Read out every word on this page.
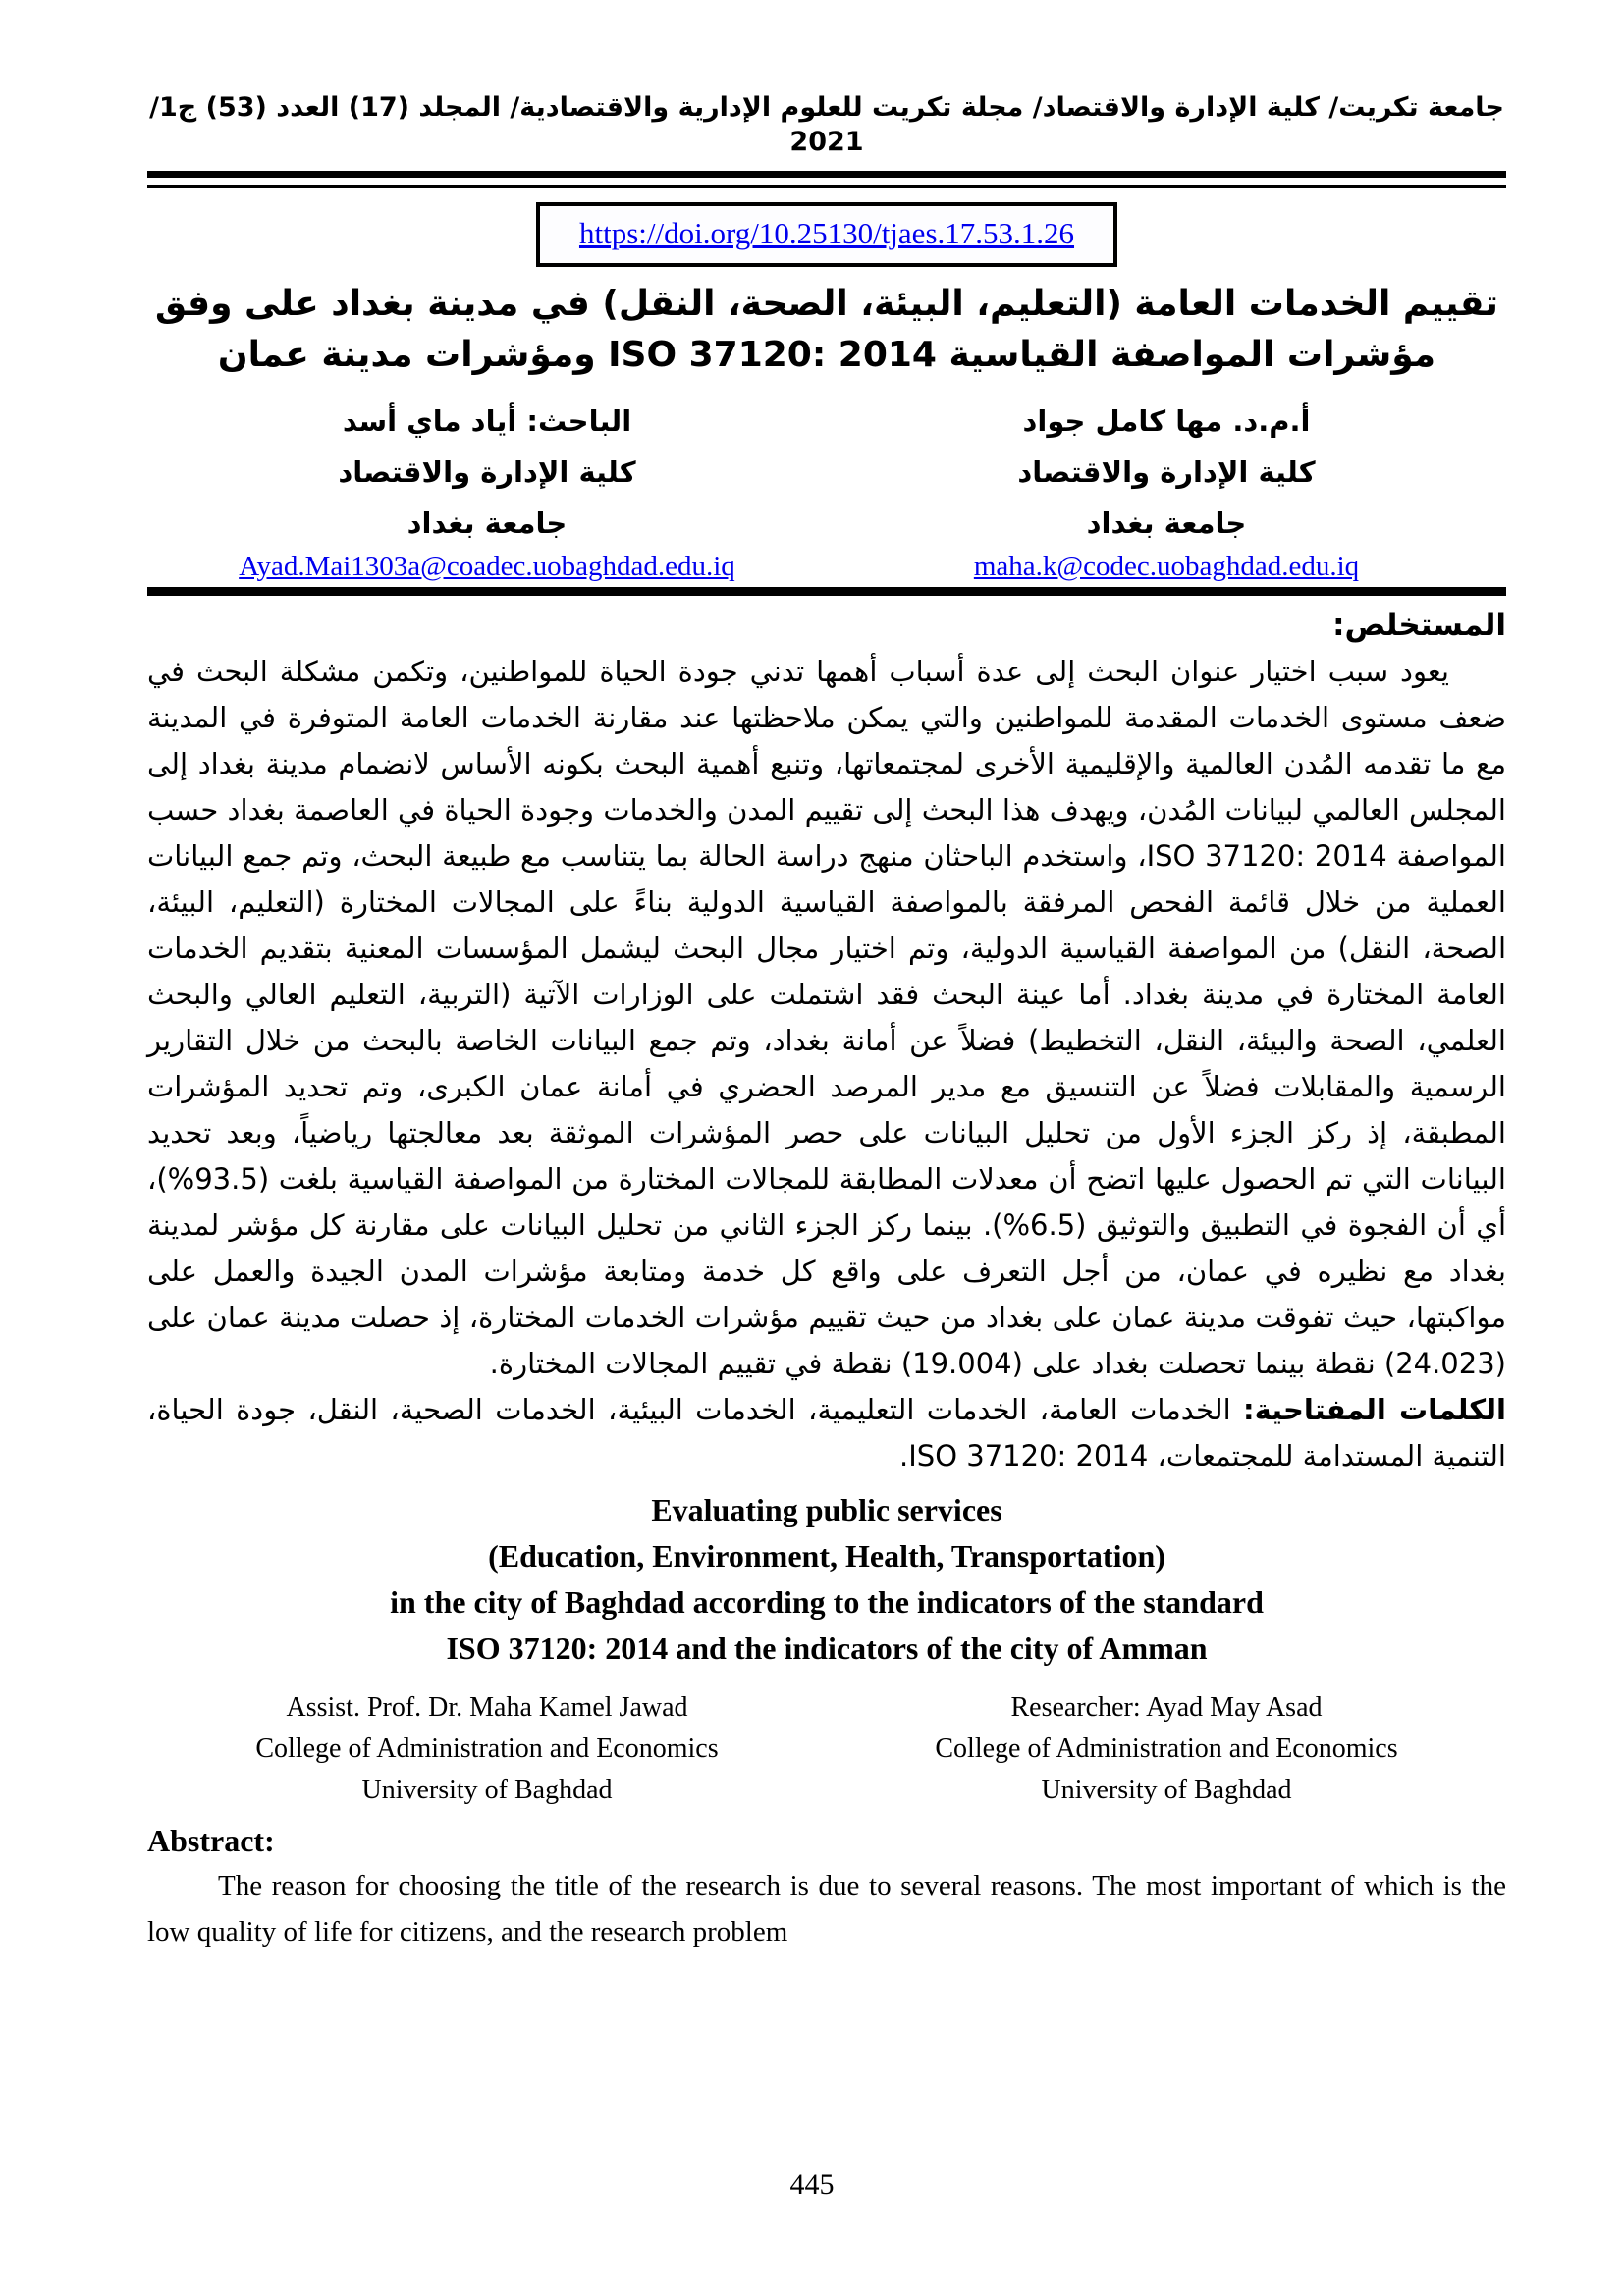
جامعة تكريت/ كلية الإدارة والاقتصاد/ مجلة تكريت للعلوم الإدارية والاقتصادية/ المجلد (17) العدد (53) ج1/ 2021
https://doi.org/10.25130/tjaes.17.53.1.26
تقييم الخدمات العامة (التعليم، البيئة، الصحة، النقل) في مدينة بغداد على وفق مؤشرات المواصفة القياسية ISO 37120: 2014 ومؤشرات مدينة عمان
الباحث: أياد ماي أسد
كلية الإدارة والاقتصاد
جامعة بغداد
أ.م.د. مها كامل جواد
كلية الإدارة والاقتصاد
جامعة بغداد
Ayad.Mai1303a@coadec.uobaghdad.edu.iq	maha.k@codec.uobaghdad.edu.iq
المستخلص:
يعود سبب اختيار عنوان البحث إلى عدة أسباب أهمها تدني جودة الحياة للمواطنين، وتكمن مشكلة البحث في ضعف مستوى الخدمات المقدمة للمواطنين والتي يمكن ملاحظتها عند مقارنة الخدمات العامة المتوفرة في المدينة مع ما تقدمه المُدن العالمية والإقليمية الأخرى لمجتمعاتها، وتنبع أهمية البحث بكونه الأساس لانضمام مدينة بغداد إلى المجلس العالمي لبيانات المُدن، ويهدف هذا البحث إلى تقييم المدن والخدمات وجودة الحياة في العاصمة بغداد حسب المواصفة ISO 37120: 2014، واستخدم الباحثان منهج دراسة الحالة بما يتناسب مع طبيعة البحث، وتم جمع البيانات العملية من خلال قائمة الفحص المرفقة بالمواصفة القياسية الدولية بناءً على المجالات المختارة (التعليم، البيئة، الصحة، النقل) من المواصفة القياسية الدولية، وتم اختيار مجال البحث ليشمل المؤسسات المعنية بتقديم الخدمات العامة المختارة في مدينة بغداد. أما عينة البحث فقد اشتملت على الوزارات الآتية (التربية، التعليم العالي والبحث العلمي، الصحة والبيئة، النقل، التخطيط) فضلاً عن أمانة بغداد، وتم جمع البيانات الخاصة بالبحث من خلال التقارير الرسمية والمقابلات فضلاً عن التنسيق مع مدير المرصد الحضري في أمانة عمان الكبرى، وتم تحديد المؤشرات المطبقة، إذ ركز الجزء الأول من تحليل البيانات على حصر المؤشرات الموثقة بعد معالجتها رياضياً، وبعد تحديد البيانات التي تم الحصول عليها اتضح أن معدلات المطابقة للمجالات المختارة من المواصفة القياسية بلغت (93.5%)، أي أن الفجوة في التطبيق والتوثيق (6.5%). بينما ركز الجزء الثاني من تحليل البيانات على مقارنة كل مؤشر لمدينة بغداد مع نظيره في عمان، من أجل التعرف على واقع كل خدمة ومتابعة مؤشرات المدن الجيدة والعمل على مواكبتها، حيث تفوقت مدينة عمان على بغداد من حيث تقييم مؤشرات الخدمات المختارة، إذ حصلت مدينة عمان على (24.023) نقطة بينما تحصلت بغداد على (19.004) نقطة في تقييم المجالات المختارة.
الكلمات المفتاحية: الخدمات العامة، الخدمات التعليمية، الخدمات البيئية، الخدمات الصحية، النقل، جودة الحياة، التنمية المستدامة للمجتمعات، ISO 37120: 2014.
Evaluating public services
(Education, Environment, Health, Transportation)
in the city of Baghdad according to the indicators of the standard
ISO 37120: 2014 and the indicators of the city of Amman
Assist. Prof. Dr. Maha Kamel Jawad
College of Administration and Economics
University of Baghdad
Researcher: Ayad May Asad
College of Administration and Economics
University of Baghdad
Abstract:
The reason for choosing the title of the research is due to several reasons. The most important of which is the low quality of life for citizens, and the research problem
445
